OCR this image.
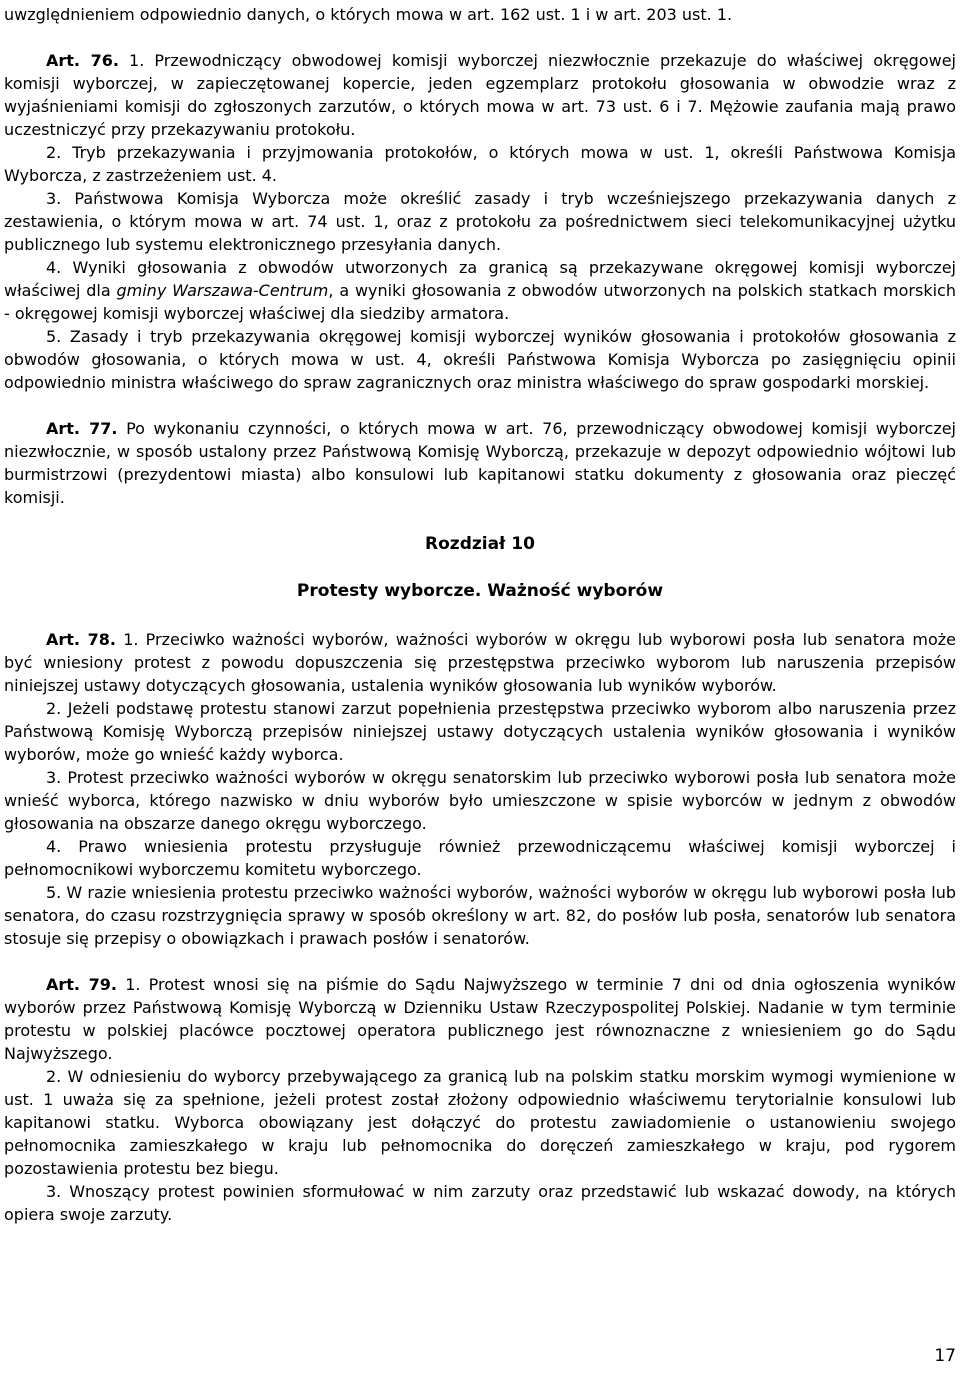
uwzględnieniem odpowiednio danych, o których mowa w art. 162 ust. 1 i w art. 203 ust. 1.

Art. 76. 1. Przewodniczący obwodowej komisji wyborczej niezwłocznie przekazuje do właściwej okręgowej komisji wyborczej, w zapieczętowanej kopercie, jeden egzemplarz protokołu głosowania w obwodzie wraz z wyjaśnieniami komisji do zgłoszonych zarzutów, o których mowa w art. 73 ust. 6 i 7. Mężowie zaufania mają prawo uczestniczyć przy przekazywaniu protokołu.

2. Tryb przekazywania i przyjmowania protokołów, o których mowa w ust. 1, określi Państwowa Komisja Wyborcza, z zastrzeżeniem ust. 4.

3. Państwowa Komisja Wyborcza może określić zasady i tryb wcześniejszego przekazywania danych z zestawienia, o którym mowa w art. 74 ust. 1, oraz z protokołu za pośrednictwem sieci telekomunikacyjnej użytku publicznego lub systemu elektronicznego przesyłania danych.

4. Wyniki głosowania z obwodów utworzonych za granicą są przekazywane okręgowej komisji wyborczej właściwej dla gminy Warszawa-Centrum, a wyniki głosowania z obwodów utworzonych na polskich statkach morskich - okręgowej komisji wyborczej właściwej dla siedziby armatora.

5. Zasady i tryb przekazywania okręgowej komisji wyborczej wyników głosowania i protokołów głosowania z obwodów głosowania, o których mowa w ust. 4, określi Państwowa Komisja Wyborcza po zasięgnięciu opinii odpowiednio ministra właściwego do spraw zagranicznych oraz ministra właściwego do spraw gospodarki morskiej.

Art. 77. Po wykonaniu czynności, o których mowa w art. 76, przewodniczący obwodowej komisji wyborczej niezwłocznie, w sposób ustalony przez Państwową Komisję Wyborczą, przekazuje w depozyt odpowiednio wójtowi lub burmistrzowi (prezydentowi miasta) albo konsulowi lub kapitanowi statku dokumenty z głosowania oraz pieczęć komisji.

Rozdział 10

Protesty wyborcze. Ważność wyborów

Art. 78. 1. Przeciwko ważności wyborów, ważności wyborów w okręgu lub wyborowi posła lub senatora może być wniesiony protest z powodu dopuszczenia się przestępstwa przeciwko wyborom lub naruszenia przepisów niniejszej ustawy dotyczących głosowania, ustalenia wyników głosowania lub wyników wyborów.

2. Jeżeli podstawę protestu stanowi zarzut popełnienia przestępstwa przeciwko wyborom albo naruszenia przez Państwową Komisję Wyborczą przepisów niniejszej ustawy dotyczących ustalenia wyników głosowania i wyników wyborów, może go wnieść każdy wyborca.

3. Protest przeciwko ważności wyborów w okręgu senatorskim lub przeciwko wyborowi posła lub senatora może wnieść wyborca, którego nazwisko w dniu wyborów było umieszczone w spisie wyborców w jednym z obwodów głosowania na obszarze danego okręgu wyborczego.

4. Prawo wniesienia protestu przysługuje również przewodniczącemu właściwej komisji wyborczej i pełnomocnikowi wyborczemu komitetu wyborczego.

5. W razie wniesienia protestu przeciwko ważności wyborów, ważności wyborów w okręgu lub wyborowi posła lub senatora, do czasu rozstrzygnięcia sprawy w sposób określony w art. 82, do posłów lub posła, senatorów lub senatora stosuje się przepisy o obowiązkach i prawach posłów i senatorów.

Art. 79. 1. Protest wnosi się na piśmie do Sądu Najwyższego w terminie 7 dni od dnia ogłoszenia wyników wyborów przez Państwową Komisję Wyborczą w Dzienniku Ustaw Rzeczypospolitej Polskiej. Nadanie w tym terminie protestu w polskiej placówce pocztowej operatora publicznego jest równoznaczne z wniesieniem go do Sądu Najwyższego.

2. W odniesieniu do wyborcy przebywającego za granicą lub na polskim statku morskim wymogi wymienione w ust. 1 uważa się za spełnione, jeżeli protest został złożony odpowiednio właściwemu terytorialnie konsulowi lub kapitanowi statku. Wyborca obowiązany jest dołączyć do protestu zawiadomienie o ustanowieniu swojego pełnomocnika zamieszkałego w kraju lub pełnomocnika do doręczeń zamieszkałego w kraju, pod rygorem pozostawienia protestu bez biegu.

3. Wnoszący protest powinien sformułować w nim zarzuty oraz przedstawić lub wskazać dowody, na których opiera swoje zarzuty.

17
